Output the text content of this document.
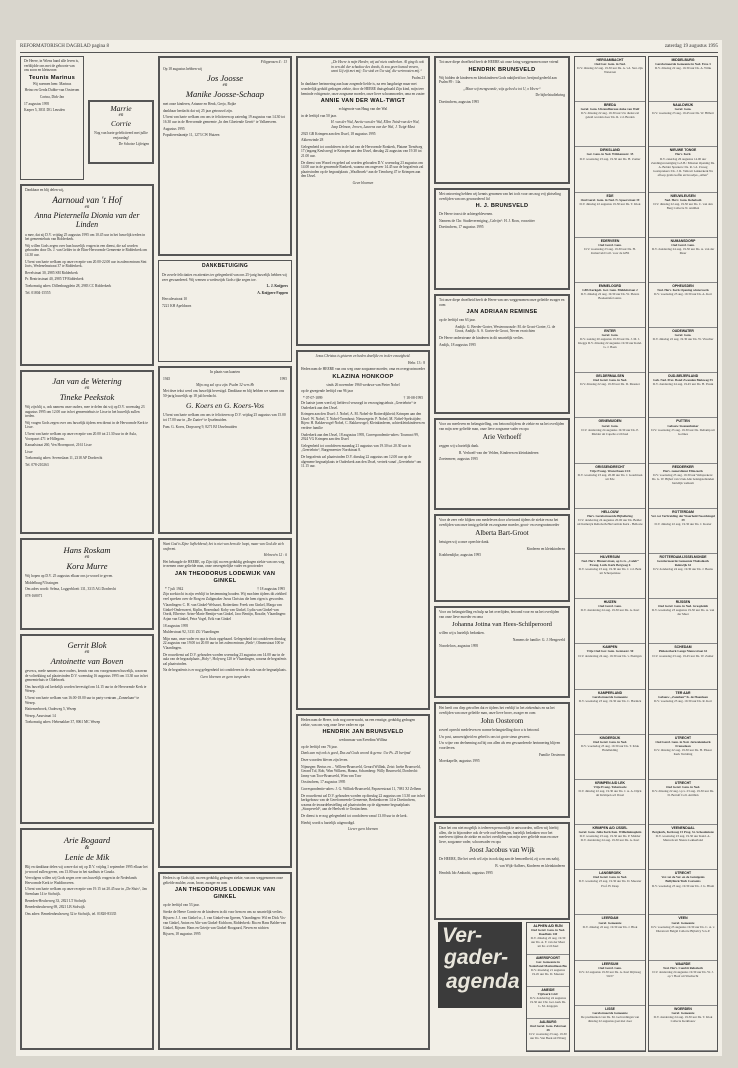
REFORMATORISCH DAGBLAD pagina 8	zaterdag 19 augustus 1995

De Heere, in Wiens hand alle leven is, verblijdde ons met de geboorte van ons zoon en kleinzoon:

Teunis Marinus

Wij noemen hem: Marinus

Heino en Gerda Dubbe-van Oosterom

Corina, Dirk-Jan

17 augustus 1995

Karper 5, 3831 DG Leusden	Marrie
en
Corrie

Nog van harte gefeliciteerd met jullie verjaardag!

De Schotse Lijfeigen

Dankbaar en blij delen wij,

Aarnoud van 't Hof
en
Anna Pieternella Dionia van der Linden

u mee, dat zij D.V. vrijdag 25 augustus 1995 om 10.45 uur in het huwelijk treden in het gemeentehuis van Ridderkerk.

Wij willen Gods zegen over hun huwelijk vragen in een dienst, die zal worden gehouden door Ds. J. van Gelder in de Elim-Hervormde Gemeente te Ridderkerk om 14.30 uur.

U bent van harte welkom op onze receptie van 20.00-22.00 uur in zalencentrum Sint Joris, Wedenelmstraat 37 te Ridderkerk.

Revelstraat 30, 2985 SM Ridderkerk

Pr. Beatrixstraat 40, 2985 TP Ridderkerk

Toekomstig adres: Dillenburgplein 28, 2983 CC Ridderkerk

Tel. 01804-15555

Jan van de Wetering
en
Tineke Peekstok

Wij zijn blij u, ook namens onze ouders, mee te delen dat wij op D.V. woensdag 23 augustus 1995 om 12.00 uur in het gemeentehuis te Lisse in het huwelijk zullen treden.

Wij vragen Gods zegen over ons huwelijk tijdens een dienst in de Hervormde Kerk te Lisse.

U bent van harte welkom op onze receptie van 20.00 tot 21.30 uur in de Aula, Voorpoort 471 te Hillegom.

Kanaalstraat 260, Ven Hoornpoort, 2161 Lisse

Lisse

Toekomstig adres: Sevenslaan 11, 2318 AP Dordrecht

Tel. 078-210263

Hans Roskam
en
Kora Murre

Wij hopen op D.V. 25 augustus elkaar ons ja-woord te geven.

Middelburg/Vlissingen

Om adres wordt: Selma, Loggerbloeit 131, 3315 AG Dordrecht

078-168071

Gerrit Blok
en
Antoinette van Boven

geven u, mede namens onze ouders, kennis van ons voorgenomen huwelijk, waarvan de voltrekking zal plaatsvinden D.V. woensdag 16 augustus 1995 om 13.30 uur in het gemeentehuis te Oldebroek.

Ons huwelijk zal kerkelijk worden bevestigd om 14.15 uur in de Hervormde Kerk te Wezep.

U bent van harte welkom van 16.00-18.00 uur in party-centrum „Zonnelaan“ te Wezep.

Hattemerbroek, Oudeweg 5, Wezep

Wezep, Azurstraat 14

Toekomstig adres: Hebenakker 37, 8061 MC Wezep

Arie Bogaard
&
Lenie de Mik

Blij en dankbaar delen wij u mee dat wij op D.V. vrijdag 1 september 1995 elkaar het ja-woord zullen geven, om 13.00 uur in het stadhuis te Gouda.

Vervolgens willen wij Gods zegen over ons huwelijk vragen in de Nederlands Hervormde Kerk te Waddinxveen.

U bent van harte welkom op onze receptie van 19.15 tot 20.45 uur in „De Sluis“, Jan Steenlaan 14 te Stolwijk.

Beneden-Heulseweg 33, 2821 LT Stolwijk

Benedenheulseweg 69, 2821 LB Stolwijk

Ons adres: Benedenheulseweg 32 te Stolwijk, tel. 01820-83335

Filippenzen 4 : 13

Op 18 augustus hebben wij

Jos Joosse
en
Manike Joosse-Schaap

met onze kinderen, Arianne en Henk, Gerjo, Bojke

dankbaar herdacht dat wij 25 jaar getrouwd zijn.

U bent van harte welkom om ons te feliciteren op zaterdag 19 augustus van 14.30 tot 16.30 uur in de Hervormde gemeente „In den Gloeiende Gerrit“ te Valkenveen.

Augustus 1995

Populierenlaantje 11, 1273 CW Huizen

DANKBETUIGING

De zovele felicitaties en attenties ter gelegenheid van ons 25-jarig huwelijk hebben wij zeer gewaardeerd. Wij wensen u wederzijds Gods rijke zegen toe.

L. J. Knijpers

A. Knijpers-Foppen

Herculesstraat 10

7221 KH Apeldoorn

In plaats van kaarten

1945	1995

Mijn oog zal op u zijn. Psalm 32 vers 8b

Met deze tekst werd ons huwelijk bevestigd. Dankbaar en blij hebben we samen ons 50-jarig huwelijk op 18 juli herdacht.

G. Koers en G. Koers-Vos

U bent van harte welkom om ons te feliciteren op D.V. vrijdag 25 augustus van 15.00 tot 17.00 uur in „De Zaaier“ te Ijsselmuiden.

Fam. G. Koers, Dorpsweg 9, 8271 BJ IJsselmuiden

Want God is Zijne liefhebbend; het is niet van hem die loopt, maar van God die zich ontfermt.

Hebreeën 12 : 6

Het behaagde de HEERE, op Zijn tijd, na een geduldig gedragen ziekte van ons weg te nemen onze geliefde man, onze onvergetelijke vader en grootvader

JAN THEODORUS LODEWIJK VAN GINKEL
* 7 juli 1942	† 18 augustus 1995

Zijn zoektocht in zijn verblijf in bestemming houden. Wij mochten tijdens dit ziekbed veel spreken over de Borg en Zaligmaker Jezus Christus die hem rigen is geworden.

Vlaardingen: C. H. van Ginkel-Welsaart, Rotterdam: Freek van Ginkel, Marga van Ginkel-Onderwaert, Kiplin, Rozendaal: Koby van Ginkel, Lydia van Ginkel-van Oordt, Elbertse: Arine-Marie Bentijn-van Ginkel, Jaco Bentijn, Rosalie, Vlaardingen: Arjan van Ginkel, Petra Vogel, Erik van Ginkel

18 augustus 1995

Mulderstraat 92, 3131 ZG Vlaardingen

Mijn man, onze vader en opa is thuis opgebaard. Gelegenheid tot condoleren dinsdag 22 augustus van 19.00 tot 20.00 uur in het zalencentrum „Beth“, Olmenstraat 100 te Vlaardingen.

De rouwdienst zal D.V. gehouden worden woensdag 23 augustus om 14.00 uur in de aula van de begraafplaats „Holy“, Holyweg 120 te Vlaardingen, waarna de begrafenis zal plaatsvinden.

Na de begrafenis is er nog gelegenheid tot condoleren in de aula van de begraafplaats.

Geen bloemen en geen toespraken

Heden is op Gods tijd, na een geduldig gedragen ziekte, van ons weggenomen onze geliefde mulder, zoon, broer, zwager en oom

JAN THEODORUS LODEWIJK VAN GINKEL

op de leeftijd van 53 jaar.

Sterke de Heere Cornie en de kinderen in dit voor hem en ons zo smartelijk verlies.

Rijssen: J. J. van Ginkel sr., J. van Ginkel-van Ijperen, Vlaardingen: Wil en Dick Vis-van Ginkel, Anton en Alie van Ginkel-Eichhorn, Ridderkerk: Bia en Hans Balder-van Ginkel, Rijssen: Hans en Grietje van Ginkel-Boogaard, Neven en nichten

Rijssen, 18 augustus 1995

„De Heere is mijn Herder, wij zal niets ontbreken. Al ging ik ook in een dal der schaduw des doods, ik zou geen kwaad vrezen, want Gij zijt met mij; Uw stok en Uw staf, die vertroosten mij.“

Psalm 23

In dankbare herinnering aan haar zorgende liefde is, na een langdurige maar met wonderlijk geduld gedragen ziekte, door de HEERE thuisgehaald Zijn kind, mijn teer beminde echtgenote, onze zorgzame moeder, onze lieve schoonmoeder, oma en zuster

ANNIE VAN DER WAL-TWIGT

echtgenote van Haug van der Wal

in de leeftijd van 50 jaar.

H. van der Wal, Anette van der Wal, Ellen Twisk-van der Wal, Jaap Delmon, Jeroen, Laurens van der Wal, J. Twigt-Mast

2925 GB Krimpen aan den IJssel, 18 augustus 1995

Akkerwinde 28

Gelegenheid tot condoleren in de hal van de Hervormde Ronkerk, Platane Tiendweg 17 (ingang Keulsweg) te Krimpen aan den IJssel, dinsdag 22 augustus van 19.30 tot 21.00 uur.

De dienst van Woord en gebed zal worden gehouden D.V. woensdag 23 augustus om 14.00 uur in de genoemde Ronkerk, waarna om ongeveer 14.45 uur de begrafenis zal plaatsvinden op de begraafplaats „Waalbroek“ aan de Tiendweg 47 te Krimpen aan den IJssel.

Geen bloemen

Jezus Christus is gisteren en heden dezelfde en in der eeuwigheid.

Hebr. 13 : 8

Heden nam de HEERE van ons weg onze zorgzame moeder, oma en overgrootmoeder

KLAZINA HONKOOP

sinds 26 november 1960 weduwe van Pieter Nobel

op de gezegende leeftijd van 96 jaar

* 07-07-1899	† 18-08-1995

De laatste jaren werd zij liefdevol verzorgd in verzorgingstehuis „Geertebrin“ te Ouderkerk aan den IJssel.

Krimpen aan den IJssel: J. Nobel, A. M. Nobel-de Rotterdijkheid; Krimpen aan den IJssel: W. Nobel, T. Nobel-Tromhout; Nieuwegein: P. Nobel, M. Nobel-Spekstijder; Rijen: H. Rakkervogel-Nobel, C. Rakkervogel; Kleinkinderen, achterkleinkinderen en verdere familie

Ouderkerk aan den IJssel, 18 augustus 1995, Correspondentie-adres: Tournooi 99, 2924 VG Krimpen aan den IJssel

Gelegenheid tot condoleren maandag 21 augustus van 19.30 tot 20.30 uur in „Geertebrin“, Burgemeester Nordstraat 8.

De begrafenis zal plaatsvinden D.V. dinsdag 22 augustus om 12.00 uur op de algemene begraafplaats te Ouderkerk aan den IJssel, vertrek vanaf „Geertebrin“ om 11.15 uur.

Heden nam de Heere, toch nog onverwacht, na een ernstige, geduldig gedragen ziekte, van ons weg onze lieve vader en opa

HENDRIK JAN BRUNSVELD

weduwnaar van Everdina Willina

op de leeftijd van 76 jaar.

Dank aan mij ook is goed, Dus zal Gods woord ik gerne. Uw Ps. 25 berijmd

Deze woorden bleven zijn leven.

Nijmegen: Bertus en ... Willem-Brunsveld, Gerard Willink, Zeist: Inebe Brunsveld, Gerard Tol, Rob, Wim Wilkens, Hanna, Scharnberg: Willy Brunsveld, Dordrecht: Janny van Toor-Brunsveld, Wim van Toor

Oostinchem, 17 augustus 1995

Correspondentie-adres: J. G. Willink-Brunsveld, Papaverstraat 11, 7081 XJ Zelhem

De rouwdienst zal D.V. gehouden worden op dinsdag 22 augustus om 13.30 uur in het kerkgebouw van de Gereformeerde Gemeente, Berkenhoven 14 te Doetinchem, waarna de teraardebestelling zal plaatsvinden op de algemene begraafplaats „Stoopeveld“, aan de Heelwelt te Oostinchem.

De dienst is er nog gelegenheid tot condoleren vanaf 13.00 uur in de kerk.

Hierbij wordt u hartelijk uitgenodigd.

Liever geen bloemen

Tot onze diepe droefheid heeft de HEERE uit onze kring weggenomen onze vriend

HENDRIK BRUNSVELD

Wij bidden de kinderen en kleinkinderen Gods nabijheid toe, berijmd gedeeld aan Psalm 89 : 14a.

„Maar wij mengwonde, wijs geleed u tot U, o Heere“

De bijbelstudiekring

Doetinchem, augustus 1995

Met ontroering hebben wij kennis genomen van het toch voor ons nog vrij plotseling overlijden van ons gewaardeerd lid

H. J. BRUNSVELD

De Heere troost de achtergeblevenen.

Namens de Chr. Studievereniging „Calvijn“: H. J. Roos, voorzitter

Doetinchem, 17 augustus 1995

Tot onze diepe droefheid heeft de Heere van ons weggenomen onze geliefde zwager en oom

JAN ADRIAAN REMINSE

op de leeftijd van 63 jaar.

Andijk: G. Beeder-Gorter, Westeronzoude: M. de Groot-Gorter, G. de Groot, Andijk: A. S. Gorter-de Groot, Neven en nichten

De Heere ondersteune de kinderen in dit smartelijk verlies.

Andijk, 18 augustus 1995

Voor uw meeleven en belangstelling, ons betoond tijdens de ziekte en na het overlijden van mijn zeer geliefde man, onze lieve zorgzame vader en opa

Arie Verhoeff

zeggen wij u hartelijk dank.

R. Verhoeff-van der Velden, Kinderen en kleinkinderen

Zoetermeer, augustus 1995

Voor de zeer vele blijken van medeleven door u betoond tijdens de ziekte en na het overlijden van onze innig geliefde en zorgzame moeder, groot- en overgrootmoeder

Alberta Bart-Groot

betuigen wij u onze oprechte dank.

Kinderen en kleinkinderen

Krabbendijke, augustus 1995

Voor uw belangstelling en hulp na het overlijden, betoond voor en na het overlijden van onze lieve moeder en oma

Johanna Jotina van Hees-Schilperoord

willen wij u hartelijk bedanken.

Namens de familie: G. J. Hengeveld

Noordeloos, augustus 1995

Het heeft ons diep getroffen dat er tijdens het verblijf in het ziekenhuis en na het overlijden van onze geliefde man, onze lieve broer, zwager en oom

John Oosterom

zoveel oprecht medeleven en warme belangstelling door u is betoond.

Uw post, aanwezigheid en gebed is ons tot grote steun geweest.

Uw wijze van deelneming zal bij ons allen als een gewaardeerde herinnering blijven voortleven.

Familie Oosterom

Moerkapelle, augustus 1995

Daar het ons niet mogelijk is iedereen persoonlijk te antwoorden, willen wij hierbij allen, die in bijzondere ook de vele oud-leerlingen, hartelijk bedanken voor het meeleven tijdens de ziekte en na het overlijden van mijn zeer geliefde man en onze lieve, zorgzame vader, schoonvader en opa

Joost Jacobus van Wijk

De HEERE, Die het werk wil zijn in ook dag aan de bemoedheid, zij u en ons nabij.

B. van Wijk-Aalbers, Kinderen en kleinkinderen

Hendrik Ido Ambacht, augustus 1995

Ver-
gader-
agenda
ALPHEN A/D RIJN
Oud Geref. Gem. in Ned. Raadhuis 140
D.V. dinsdag 22 aug. 19.30 uur Ds. A. F. van der Meer uit Kr. a/d IJssel
AMERSFOORT
Ger. Gemeente in Nederland Maximiliaan Bio
D.V. maandag 21 augustus 19.45 uur Ds. D. Meester
AMEIDE
Tijdwerk GGF
D.V. donderdag 24 augustus 19.30 uur Chr. Ger. kerk Ds. L. M. Jongejan
AALBURG
Oud Geref. Gem. Pelstraat 48
D.V. woensdag 23 aug. 19.30 uur Ds. Van Beek uit Elburg
HERGAMBACHT
Oud Ger. Gem. in Ned.
D.V. dinsdag 22 aug. 19.30 uur Ds. A. v.d. Ster. rijk Waterzen
BREDA
Geref. Gem. Uitzendbureau Anke van Wolf
D.V. dinsdag 22 aug. 19.30 uur Uw dienst zal geleid worden door Ds. R. v.d. Breden
DIRKSLAND
Ger. Gem. in Ned. Wildsemsstr. 35
D.V. woensdag 23 aug. 19.30 uur Ds. H. Zomer
EDE
Oud Geref. Gem. in Ned. N. Spoorstraat 19
D.V. dinsdag 22 augustus 19.30 uur Ds. T. Klok
EDERVEEN
Oud Geref. Gem.
D.V. woensdag 23 aug. 19.30 uur Ds. H. Zomerveld Coll. voor de GBS
EMMELOORD
GBS Kerkgeb. Ger. Gem. Middelstraat 2
D.V. dinsdag 22 aug. 19.30 uur Ds. W. Pieters Boekentafel aanw.
ENTER
Geref. Gem.
D.V. zondag 20 augustus 19.30 uur Ds. J. M. J. Kieggs D.V. dinsdag 22 augustus 19.30 uur Kand. G. J. Baan
GELDERMALSEN
Oud Geref. Gem. in Ned.
D.V. dinsdag 22 aug. 19.30 uur Ds. D. Meester
GENEMUIDEN
Geref. Gem.
D.V. donderdag 24 augustus 19.30 uur Ds. P. Mulder uit Capelle a/d IJssel
GRISSENDRECHT
Vrije Evang. Westerbaan 23/4
D.V. woensdag 23 aug. 20.00 uur Ds. J. Goudriaan uit Ede
HELLOUW
Herv. Gereformeerde Bijbelkring
D.V. donderdag 24 augustus 20.00 uur Ds. Belder uit Kameryk Rehoboth-Hervormde Kerk - Hellouw
HILVERSUM
Ned. Herv. Hinnerstraat, op G.G. „Caleb“ Evang. Luth. Kerk Bergweg 6
D.V. woensdag 23 aug. 19.30 uur Ds. J. v.d. Bent uit Scherpenisse
HUIZEN
Oud Geref. Gem.
D.V. donderdag 24 aug. 19.30 uur Ds. A. Kort
KAMPEN
Vrije Oud Ger. Gem. Gentsestr. 50
D.V. donderdag 24 aug. 19.30 uur Ds. v. Pienigen
KAMPERLAND
Gereformeerde Gemeente
D.V. woensdag 23 aug. 19.30 uur Ds. C. Harinck
KINDERDIJK
Oud Geref. Gem. in Ned.
D.V. woensdag 23 aug. 19.30 uur Ds. T. Klok Handleiding
KRIMPEN A/D LEK
Vrije Evang. Tabernacle
D.V. dinsdag 22 aug. 19.30 uur Ds. J. A. A. Dijck uit Krimpen a/d IJssel
KRIMPEN A/D IJSSEL
Geref. Gem. Julia Kerk Ken. Wilhelminaplein
D.V. woensdag 23 aug. 19.30 uur Ds. P. Mulder D.V. donderdag 24 aug. 19.30 uur Ds. A. Kort
LANGBROEK
Oud Geref. Gem. in Ned.
D.V. woensdag 23 aug. 19.30 uur Ds. D. Meester Prof. H. Deep
LEERDAM
Geref. Gemeente
D.V. dinsdag 22 aug. 19.30 uur Ds. J. Blok
LEERSUM
Oud Geref. Gem.
D.V. 22 augustus 19.30 uur Ds. A. Kort Rijnweg 50/27
LISSE
Gereformeerde Gemeente
De predikanten van Ds. M. Golverdingen van dinsdag 22 augustus gaat niet door
MIDDELBURG
Gereformeerde Gemeente in Ned. Ereo 3
D.V. dinsdag 22 aug. 19.30 uur Ds. A. Wink
NAALDWIJK
Geref. Gem.
D.V. woensdag 23 aug. 19.45 uur Ds. W. Hilbert
NIEUWE TONGE
Herv. Kerk
D.V. zaterdag 26 augustus 14.00 uur Zendingsvereniging G.Z.B./ Mission Opening Ds. A. Belder Sprekers: Ds. R. v.d. Zwaag Gastsprekers: Ds. J. R. Valk uit Lekkerkerk Na afloop gratis koffie en broodjes „Allen“
NIEUWLEUSEN
Ned. Herv. Gem. Rehoboth
D.V. dinsdag 22 aug. 19.30 uur Ds. C. van den Berg Collecte N. Antillen
NUMANSDORP
Oud Geref. Gem.
D.V. donderdag 24 aug. 19.30 uur Ds. A. van der Meer
OPHEUSDEN
Ned. Herv. Kerk Opening winterwerk
D.V. woensdag 23 aug. 19.30 uur Ds. A. Kort
OUDEWATER
Geref. Gem.
D.V. dinsdag 22 aug. 19.30 uur Ds. W. Visscher
OUD-BEIJERLAND
Geh. Ned. Prot. Bond Zwanden Bieloweg 55
D.V. donderdag 24 aug. 19.45 uur Ds. H. Preuk
PUTTEN
Gebouw Steenenhuiser
D.V. woensdag 23 aug. 19.30 uur Ds. Deltamp uit Goltnes
REDDERKER
Herv. zomerdienst Elim-kerk
D.V. woensdag 23 aug. 19.30 uur Welsprekers: Ds. G. W. Bijhof van Urek Alle belangstellenden hartelijk welkom
ROTTERDAM
Ver. tot Verbreiding der Waarheid Noordsingel 39
D.V. dinsdag 22 aug. 19.30 uur Ds. J. Koster
ROTTERDAM-IJSSELMONDE
Gereformeerde Gemeente Thaboikerk Reinwijk 61
D.V. donderdag 24 aug. 19.30 uur Ds. J. Beens
RIJSSEN
Oud Geref. Gem. in Ned. Graspleinh
D.V. woensdag 23 augustus 19.30 uur Ds. A. van der Meer
SCHEDAM
Pinksterkerk Lange Nieuwstraat 61
D.V. woensdag 23 aug. 19.45 uur Ds. W. Zomer
TER AAR
Gebouw „Zonnhen“ K. de Haanlaan
D.V. woensdag 23 aug. 19.30 uur Ds. R. Kort
UTRECHT
Oud Geref. Gem. in Ned. Jeruzalemkerk Franselaan
D.V. dinsdag 22 aug. 19.30 uur Ds. H. Pikaar Kerk Vertaling
UTRECHT
Oud Geref. Gem. in Ned.
D.V. dinsdag 22 aug. i.p.v. 23 aug. 19.30 uur Ds. D. Bertolf Coll. Antillen
VEENENDAAL
Bergkerk, Kerkweg 15 Prog. St. Schoolmissie
D.V. woensdag 23 aug. 19.30 uur Kand. A. Mancels uit Nieuw-Lekkerland
UTRECHT
Ver. tot de Ver. en de Getuigenis Bullylinck/Tuch Couvents
D.V. woensdag 23 aug. 19.30 uur Ds. J. G. Blom
VEEN
Geref. Gemeente
D.V. woensdag 23 augustus 19.30 uur Ds. C. A. v. Dieren uit België Collecte Bijbelvy S.G.P.
WAARDE
Ned. Herv. Combit Rehoboth
D.V. donderdag 24 augustus 19.30 uur Ds. W. J. op 't Hoof uit Sliedrecht
WOERDEN
Geref. Gemeente
D.V. donderdag 24 aug. 19.30 uur Ds. T. Klok Collecte Kerkbouw
